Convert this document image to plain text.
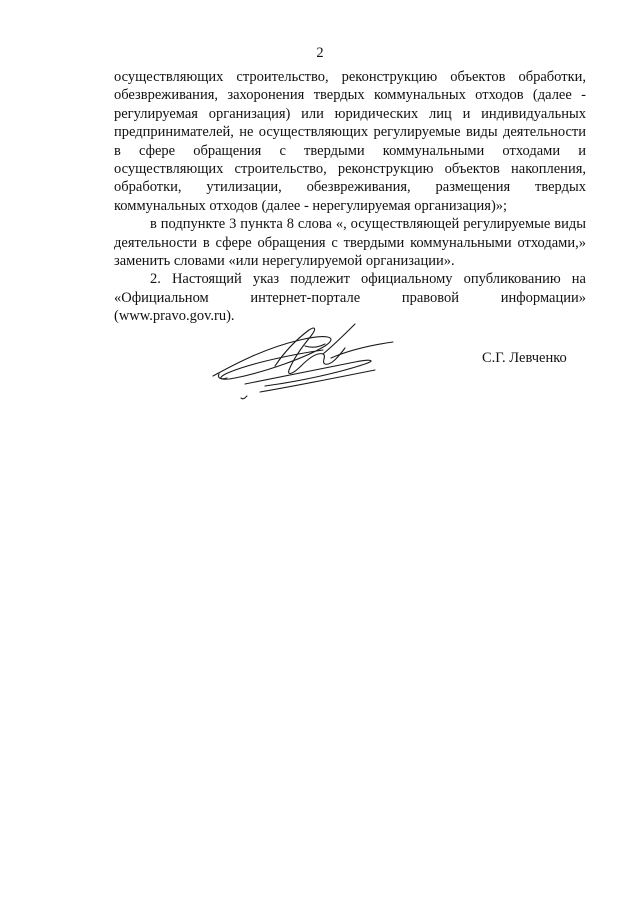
2

осуществляющих строительство, реконструкцию объектов обработки, обезвреживания, захоронения твердых коммунальных отходов (далее - регулируемая организация) или юридических лиц и индивидуальных предпринимателей, не осуществляющих регулируемые виды деятельности в сфере обращения с твердыми коммунальными отходами и осуществляющих строительство, реконструкцию объектов накопления, обработки, утилизации, обезвреживания, размещения твердых коммунальных отходов (далее - нерегулируемая организация)»;

в подпункте 3 пункта 8 слова «, осуществляющей регулируемые виды деятельности в сфере обращения с твердыми коммунальными отходами,» заменить словами «или нерегулируемой организации».

2. Настоящий указ подлежит официальному опубликованию на «Официальном интернет-портале правовой информации» (www.pravo.gov.ru).

С.Г. Левченко
